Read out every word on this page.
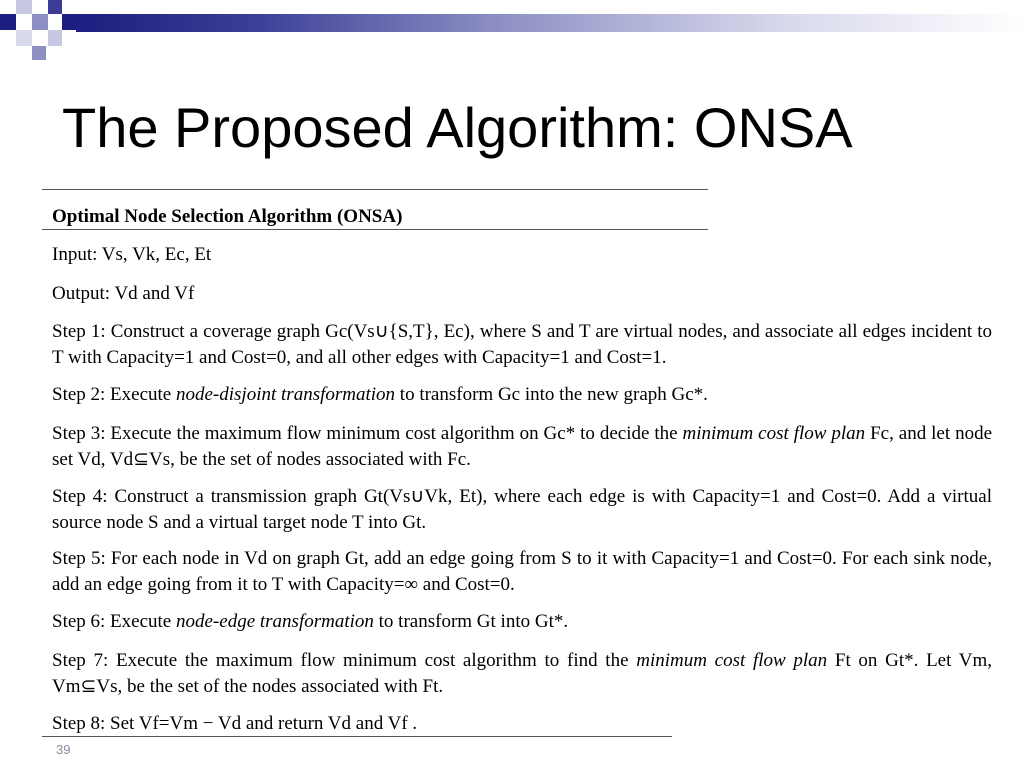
The Proposed Algorithm: ONSA
Optimal Node Selection Algorithm (ONSA)
Input: Vs, Vk, Ec, Et
Output: Vd and Vf
Step 1: Construct a coverage graph Gc(Vs∪{S,T}, Ec), where S and T are virtual nodes, and associate all edges incident to T with Capacity=1 and Cost=0, and all other edges with Capacity=1 and Cost=1.
Step 2: Execute node-disjoint transformation to transform Gc into the new graph Gc*.
Step 3: Execute the maximum flow minimum cost algorithm on Gc* to decide the minimum cost flow plan Fc, and let node set Vd, Vd⊆Vs, be the set of nodes associated with Fc.
Step 4: Construct a transmission graph Gt(Vs∪Vk, Et), where each edge is with Capacity=1 and Cost=0. Add a virtual source node S and a virtual target node T into Gt.
Step 5: For each node in Vd on graph Gt, add an edge going from S to it with Capacity=1 and Cost=0. For each sink node, add an edge going from it to T with Capacity=∞ and Cost=0.
Step 6: Execute node-edge transformation to transform Gt into Gt*.
Step 7: Execute the maximum flow minimum cost algorithm to find the minimum cost flow plan Ft on Gt*. Let Vm, Vm⊆Vs, be the set of the nodes associated with Ft.
Step 8: Set Vf=Vm − Vd and return Vd and Vf .
39
